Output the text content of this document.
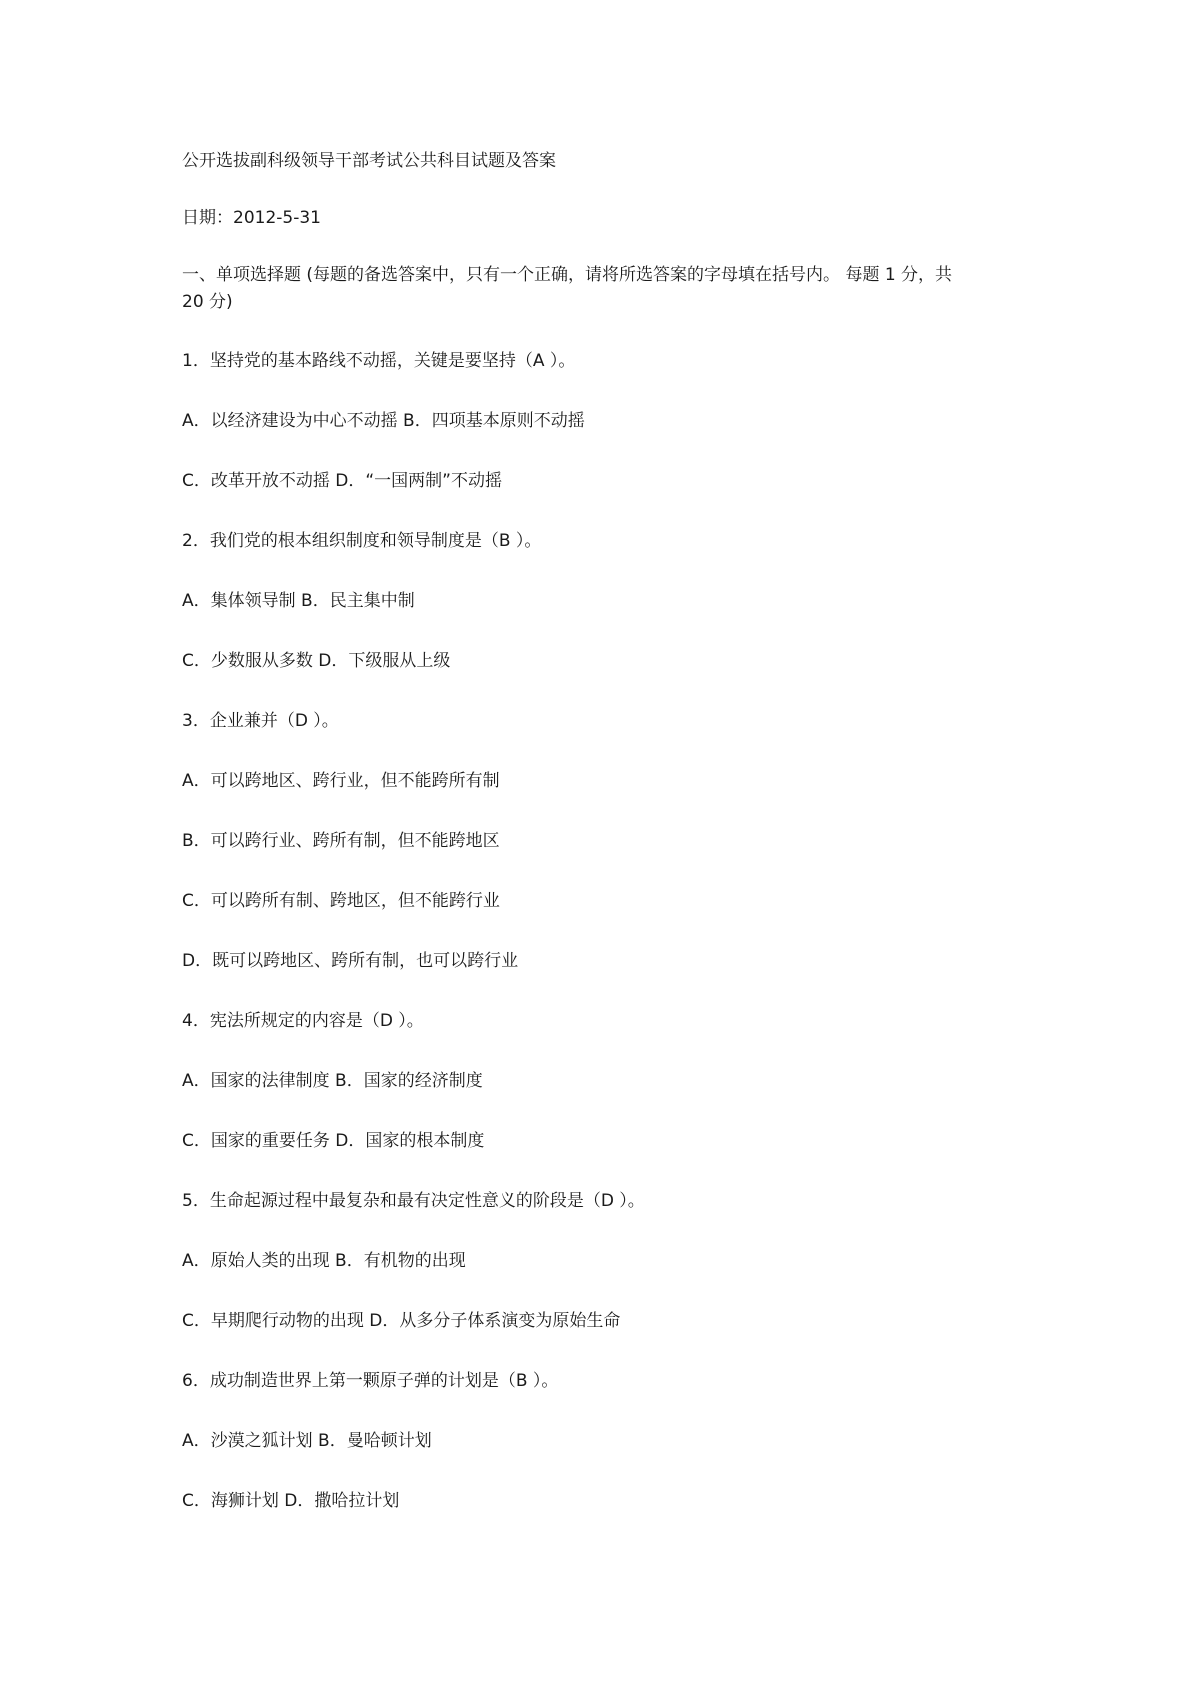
公开选拔副科级领导干部考试公共科目试题及答案

日期：2012-5-31

一、单项选择题 (每题的备选答案中，只有一个正确，请将所选答案的字母填在括号内。 每题 1 分，共
20 分)

1．坚持党的基本路线不动摇，关键是要坚持（A ）。

A．以经济建设为中心不动摇 B．四项基本原则不动摇

C．改革开放不动摇 D．“一国两制”不动摇

2．我们党的根本组织制度和领导制度是（B ）。

A．集体领导制 B．民主集中制

C．少数服从多数 D．下级服从上级

3．企业兼并（D ）。

A．可以跨地区、跨行业，但不能跨所有制

B．可以跨行业、跨所有制，但不能跨地区

C．可以跨所有制、跨地区，但不能跨行业

D．既可以跨地区、跨所有制，也可以跨行业

4．宪法所规定的内容是（D ）。

A．国家的法律制度 B．国家的经济制度

C．国家的重要任务 D．国家的根本制度

5．生命起源过程中最复杂和最有决定性意义的阶段是（D ）。

A．原始人类的出现 B．有机物的出现

C．早期爬行动物的出现 D．从多分子体系演变为原始生命

6．成功制造世界上第一颗原子弹的计划是（B ）。

A．沙漠之狐计划 B．曼哈顿计划

C．海狮计划 D．撒哈拉计划
